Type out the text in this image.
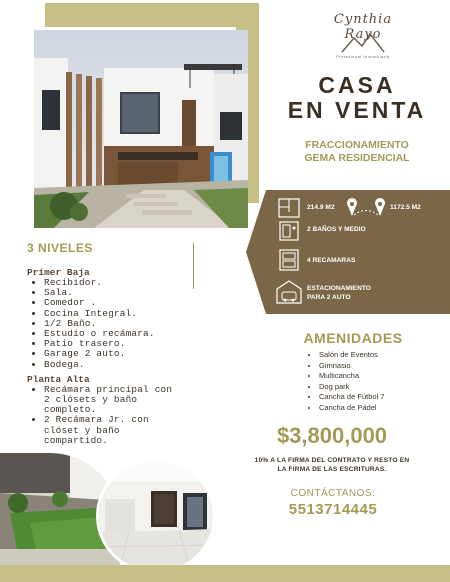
Cynthia Rayo
Profesional Inmobiliaria
CASA
EN VENTA
FRACCIONAMIENTO
GEMA RESIDENCIAL
214.9 M2	1172.5 M2
2 BAÑOS Y MEDIO
4 RECAMARAS
ESTACIONAMIENTO
PARA 2 AUTO
3 NIVELES
Primer Baja
• Recibidor.
• Sala.
• Comedor .
• Cocina Integral.
• 1/2 Baño.
• Estudio o recámara.
• Patio trasero.
• Garage 2 auto.
• Bodega.
Planta Alta
• Recámara principal con
2 clósets y baño
completo.
• 2 Recámara Jr. con
clóset y baño
compartido.
AMENIDADES
• Salón de Eventos
• Gimnasio
• Multicancha
• Dog park
• Cancha de Fútbol 7
• Cancha de Pádel
$3,800,000
10% A LA FIRMA DEL CONTRATO Y RESTO EN
LA FIRMA DE LAS ESCRITURAS.
CONTÁCTANOS:
5513714445
